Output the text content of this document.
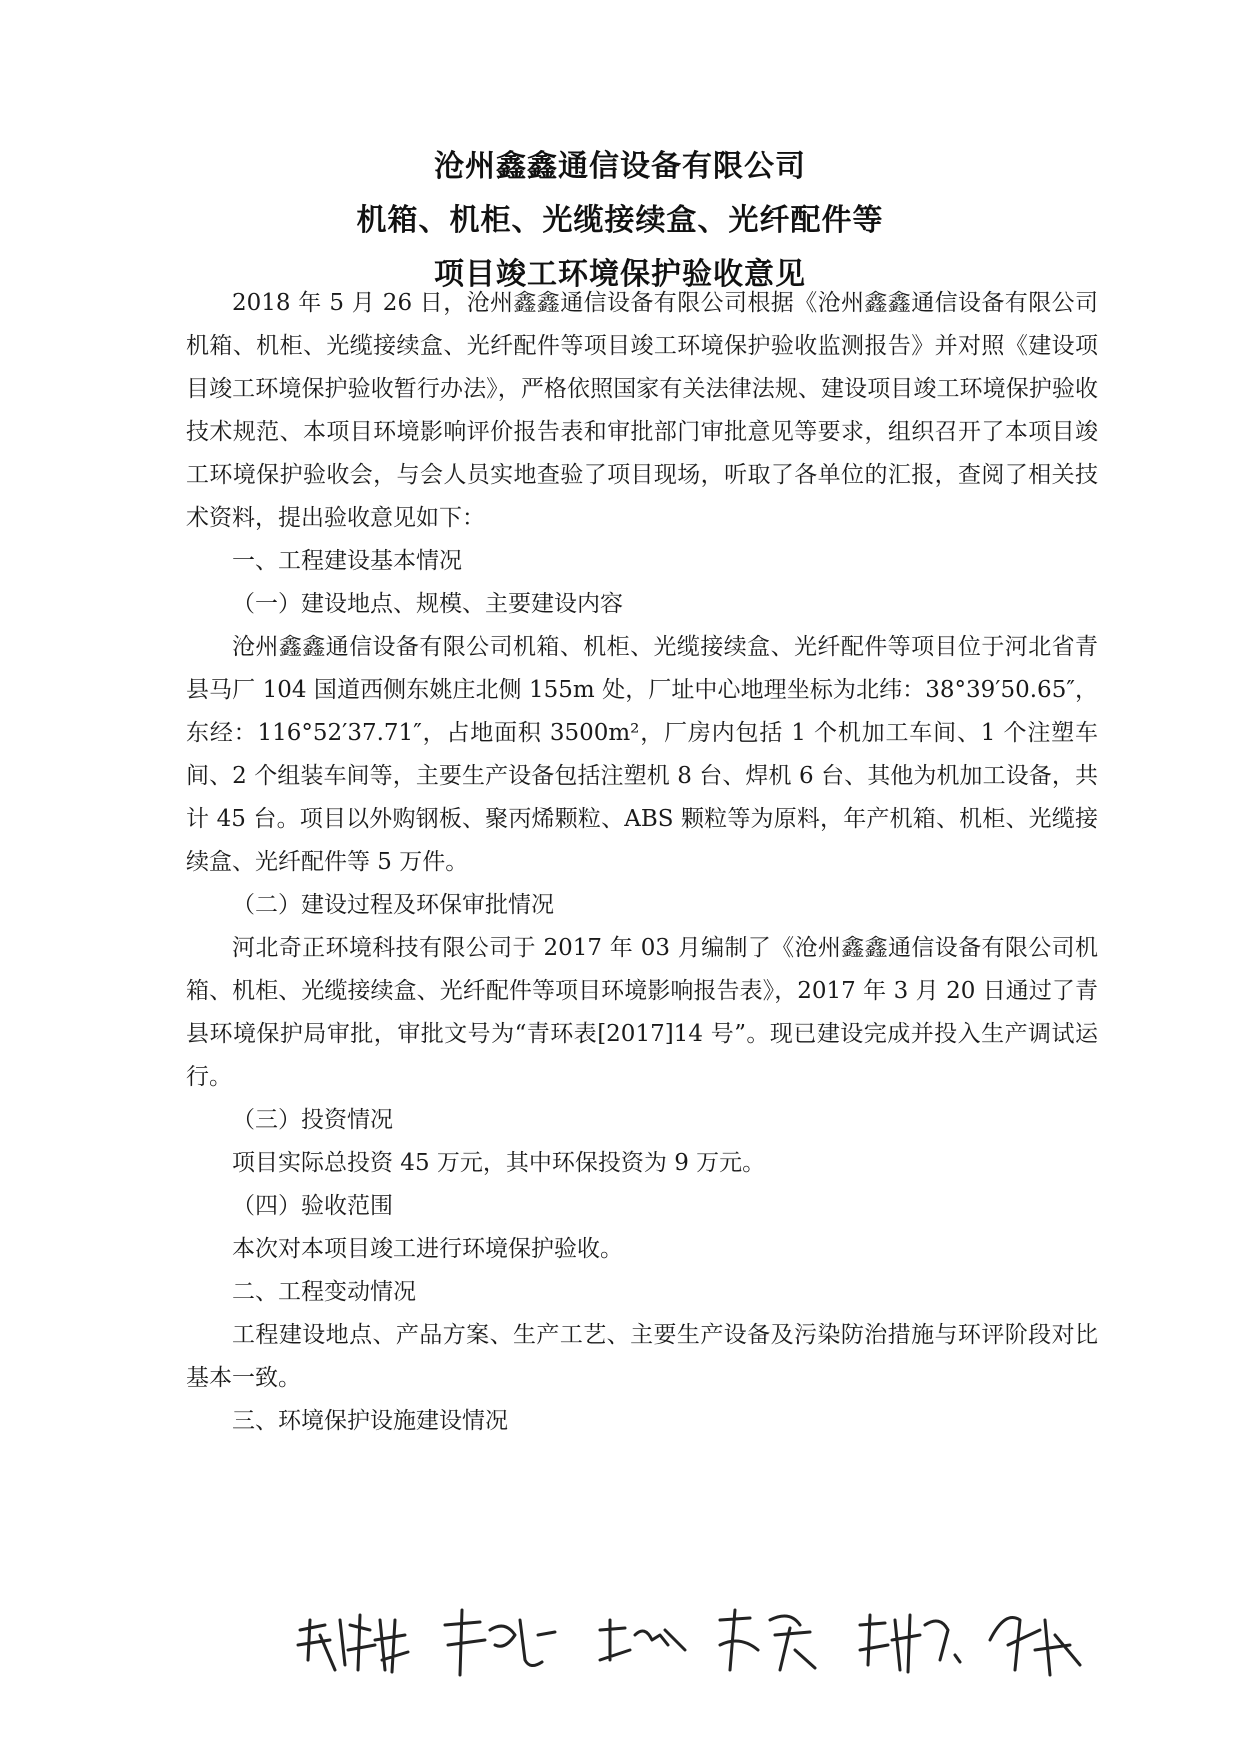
沧州鑫鑫通信设备有限公司
机箱、机柜、光缆接续盒、光纤配件等
项目竣工环境保护验收意见

2018 年 5 月 26 日，沧州鑫鑫通信设备有限公司根据《沧州鑫鑫通信设备有限公司机箱、机柜、光缆接续盒、光纤配件等项目竣工环境保护验收监测报告》并对照《建设项目竣工环境保护验收暂行办法》，严格依照国家有关法律法规、建设项目竣工环境保护验收技术规范、本项目环境影响评价报告表和审批部门审批意见等要求，组织召开了本项目竣工环境保护验收会，与会人员实地查验了项目现场，听取了各单位的汇报，查阅了相关技术资料，提出验收意见如下：

一、工程建设基本情况

（一）建设地点、规模、主要建设内容

沧州鑫鑫通信设备有限公司机箱、机柜、光缆接续盒、光纤配件等项目位于河北省青县马厂 104 国道西侧东姚庄北侧 155m 处，厂址中心地理坐标为北纬：38°39′50.65″，东经：116°52′37.71″，占地面积 3500m²，厂房内包括 1 个机加工车间、1 个注塑车间、2 个组装车间等，主要生产设备包括注塑机 8 台、焊机 6 台、其他为机加工设备，共计 45 台。项目以外购钢板、聚丙烯颗粒、ABS 颗粒等为原料，年产机箱、机柜、光缆接续盒、光纤配件等 5 万件。

（二）建设过程及环保审批情况

河北奇正环境科技有限公司于 2017 年 03 月编制了《沧州鑫鑫通信设备有限公司机箱、机柜、光缆接续盒、光纤配件等项目环境影响报告表》，2017 年 3 月 20 日通过了青县环境保护局审批，审批文号为“青环表[2017]14 号”。现已建设完成并投入生产调试运行。

（三）投资情况

项目实际总投资 45 万元，其中环保投资为 9 万元。

（四）验收范围

本次对本项目竣工进行环境保护验收。

二、工程变动情况

工程建设地点、产品方案、生产工艺、主要生产设备及污染防治措施与环评阶段对比基本一致。

三、环境保护设施建设情况
